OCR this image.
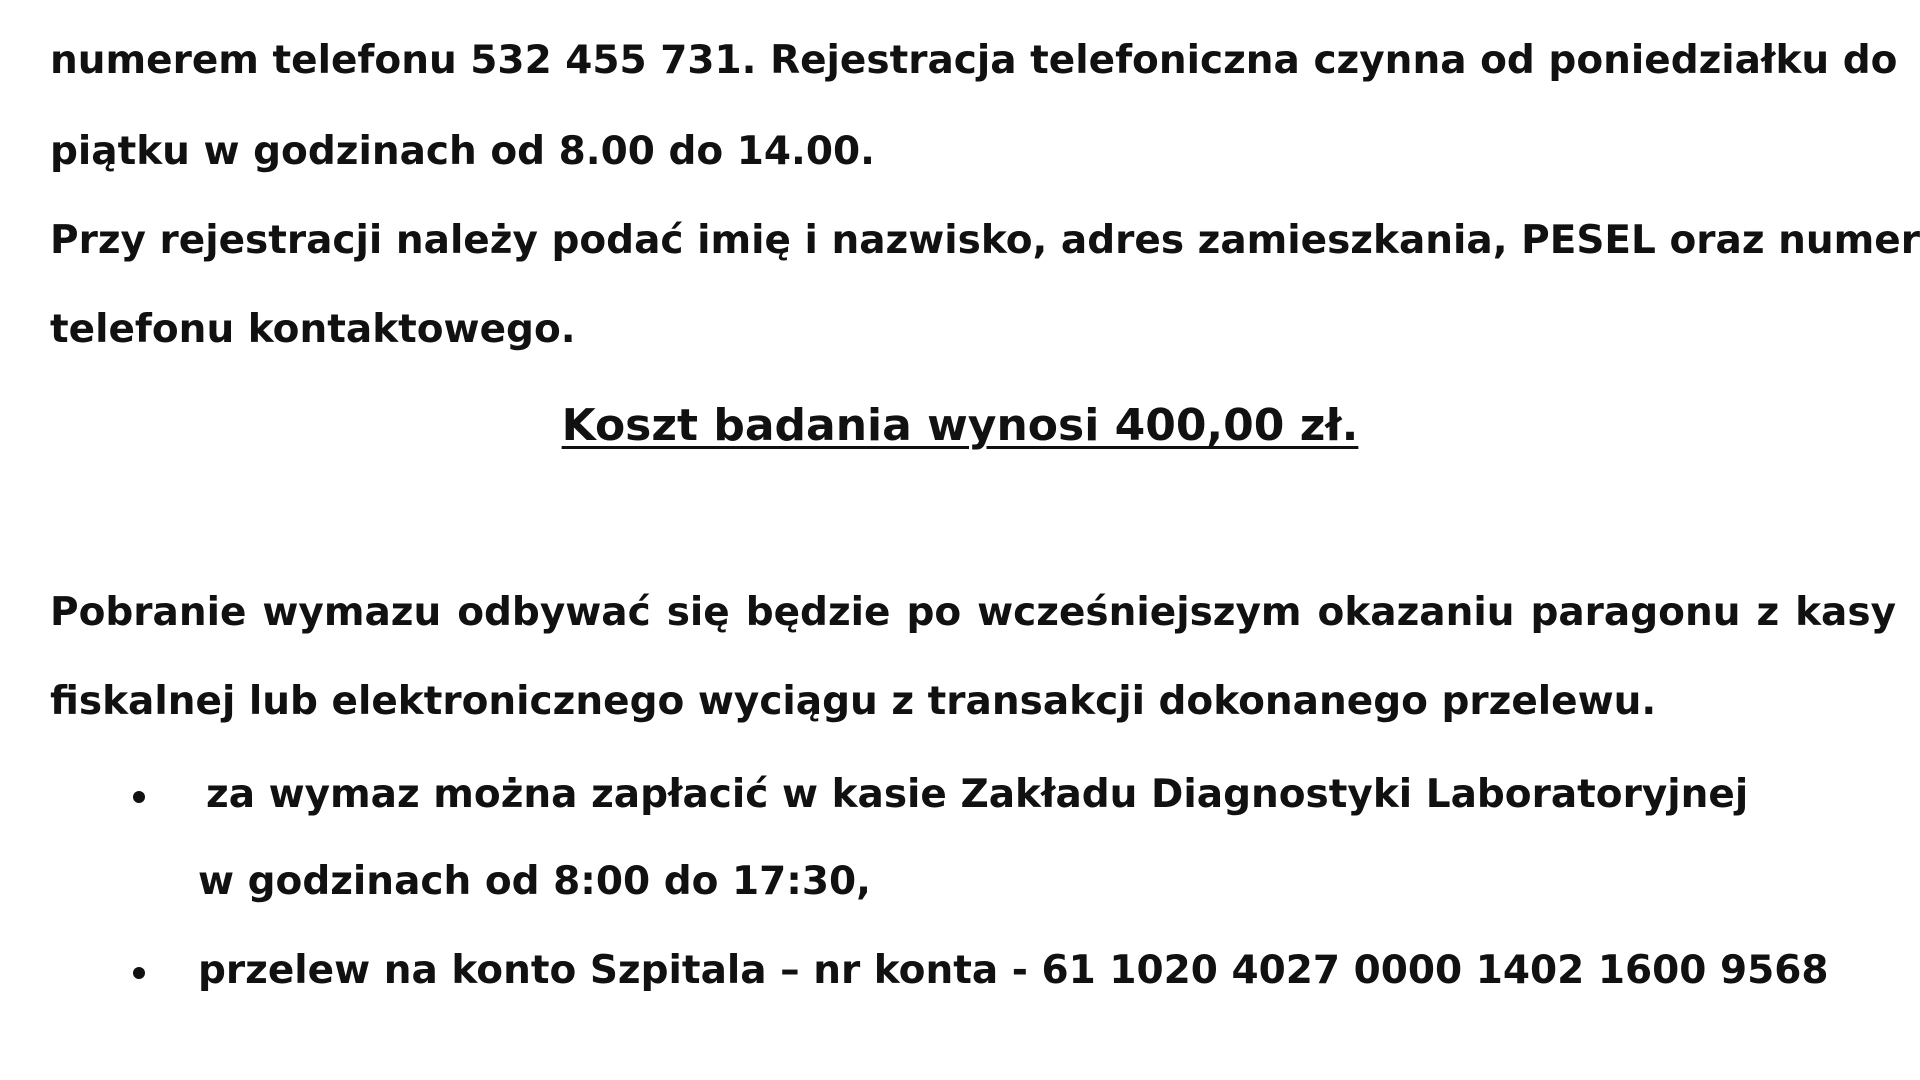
numerem telefonu 532 455 731. Rejestracja telefoniczna czynna od poniedziałku do
piątku w godzinach od 8.00 do 14.00.
Przy rejestracji należy podać imię i nazwisko, adres zamieszkania, PESEL oraz numer
telefonu kontaktowego.
Koszt badania wynosi 400,00 zł.
Pobranie wymazu odbywać się będzie po wcześniejszym okazaniu paragonu z kasy
fiskalnej lub elektronicznego wyciągu z transakcji dokonanego przelewu.
za wymaz można zapłacić w kasie Zakładu Diagnostyki Laboratoryjnej
w godzinach od 8:00 do 17:30,
przelew na konto Szpitala – nr konta - 61 1020 4027 0000 1402 1600 9568
